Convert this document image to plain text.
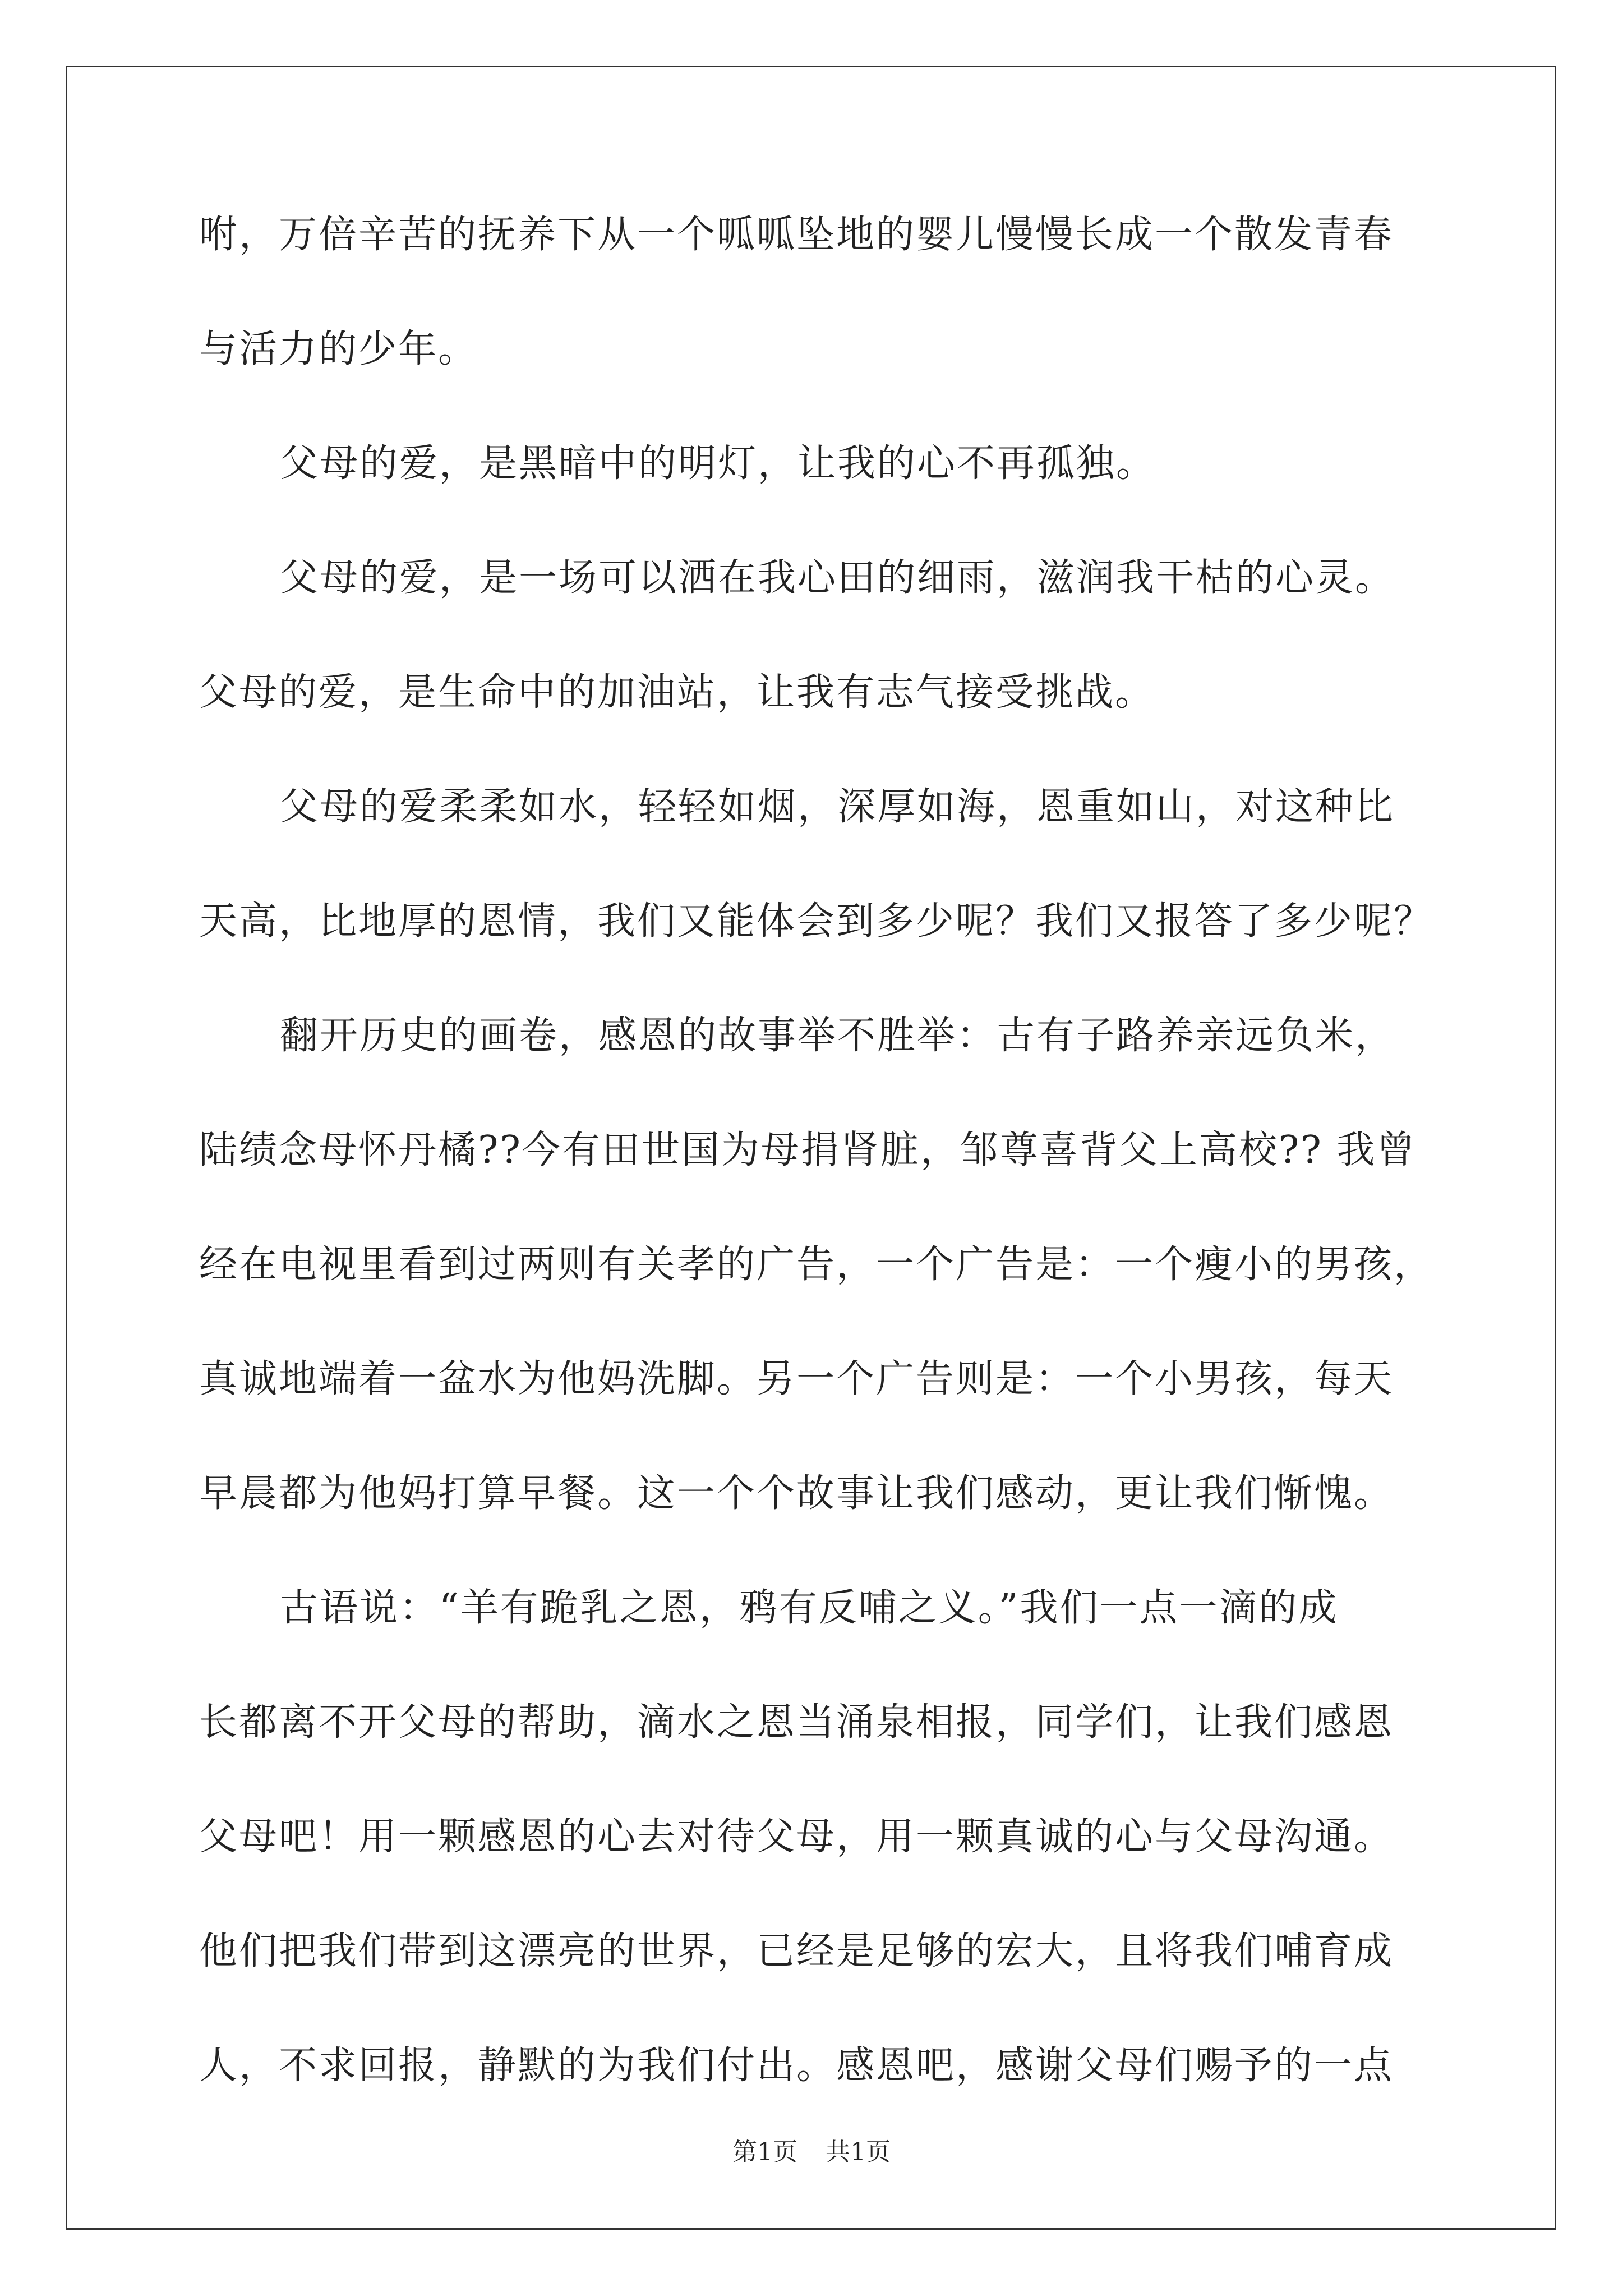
咐，万倍辛苦的抚养下从一个呱呱坠地的婴儿慢慢长成一个散发青春
与活力的少年。
父母的爱，是黑暗中的明灯，让我的心不再孤独。
父母的爱，是一场可以洒在我心田的细雨，滋润我干枯的心灵。
父母的爱，是生命中的加油站，让我有志气接受挑战。
父母的爱柔柔如水，轻轻如烟，深厚如海，恩重如山，对这种比
天高，比地厚的恩情，我们又能体会到多少呢？我们又报答了多少呢？
翻开历史的画卷，感恩的故事举不胜举：古有子路养亲远负米，
陆绩念母怀丹橘??今有田世国为母捐肾脏，邹尊喜背父上高校?? 我曾
经在电视里看到过两则有关孝的广告，一个广告是：一个瘦小的男孩，
真诚地端着一盆水为他妈洗脚。另一个广告则是：一个小男孩，每天
早晨都为他妈打算早餐。这一个个故事让我们感动，更让我们惭愧。
古语说：“羊有跪乳之恩，鸦有反哺之义。”我们一点一滴的成
长都离不开父母的帮助，滴水之恩当涌泉相报，同学们，让我们感恩
父母吧！用一颗感恩的心去对待父母，用一颗真诚的心与父母沟通。
他们把我们带到这漂亮的世界，已经是足够的宏大，且将我们哺育成
人，不求回报，静默的为我们付出。感恩吧，感谢父母们赐予的一点
第1页 共1页
